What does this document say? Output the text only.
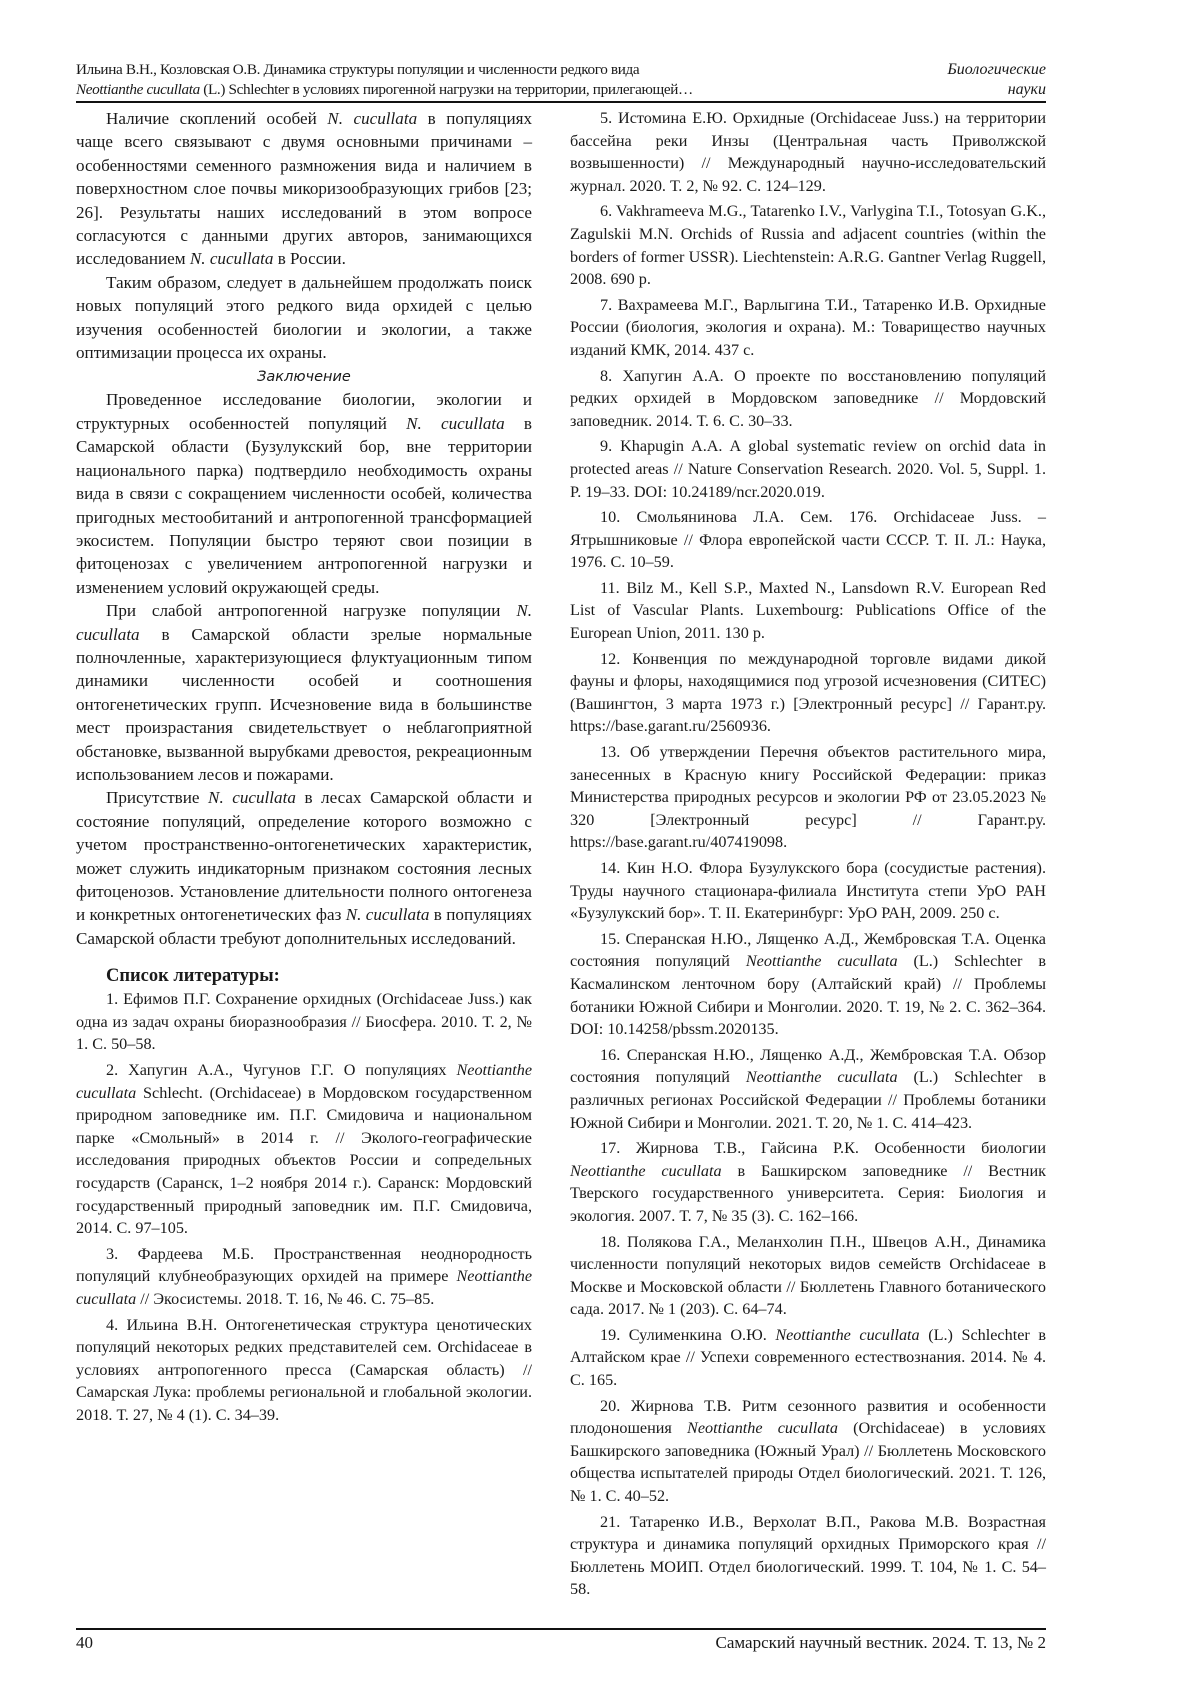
Ильина В.Н., Козловская О.В. Динамика структуры популяции и численности редкого вида
Neottianthe cucullata (L.) Schlechter в условиях пирогенной нагрузки на территории, прилегающей…
Биологические
науки

Наличие скоплений особей N. cucullata в популяциях чаще всего связывают с двумя основными причинами – особенностями семенного размножения вида и наличием в поверхностном слое почвы микоризообразующих грибов [23; 26]. Результаты наших исследований в этом вопросе согласуются с данными других авторов, занимающихся исследованием N. cucullata в России.

Таким образом, следует в дальнейшем продолжать поиск новых популяций этого редкого вида орхидей с целью изучения особенностей биологии и экологии, а также оптимизации процесса их охраны.

Заключение

Проведенное исследование биологии, экологии и структурных особенностей популяций N. cucullata в Самарской области (Бузулукский бор, вне территории национального парка) подтвердило необходимость охраны вида в связи с сокращением численности особей, количества пригодных местообитаний и антропогенной трансформацией экосистем. Популяции быстро теряют свои позиции в фитоценозах с увеличением антропогенной нагрузки и изменением условий окружающей среды.

При слабой антропогенной нагрузке популяции N. cucullata в Самарской области зрелые нормальные полночленные, характеризующиеся флуктуационным типом динамики численности особей и соотношения онтогенетических групп. Исчезновение вида в большинстве мест произрастания свидетельствует о неблагоприятной обстановке, вызванной вырубками древостоя, рекреационным использованием лесов и пожарами.

Присутствие N. cucullata в лесах Самарской области и состояние популяций, определение которого возможно с учетом пространственно-онтогенетических характеристик, может служить индикаторным признаком состояния лесных фитоценозов. Установление длительности полного онтогенеза и конкретных онтогенетических фаз N. cucullata в популяциях Самарской области требуют дополнительных исследований.

Список литературы:

1. Ефимов П.Г. Сохранение орхидных (Orchidaceae Juss.) как одна из задач охраны биоразнообразия // Биосфера. 2010. Т. 2, № 1. С. 50–58.

2. Хапугин А.А., Чугунов Г.Г. О популяциях Neottianthe cucullata Schlecht. (Orchidaceae) в Мордовском государственном природном заповеднике им. П.Г. Смидовича и национальном парке «Смольный» в 2014 г. // Эколого-географические исследования природных объектов России и сопредельных государств (Саранск, 1–2 ноября 2014 г.). Саранск: Мордовский государственный природный заповедник им. П.Г. Смидовича, 2014. С. 97–105.

3. Фардеева М.Б. Пространственная неоднородность популяций клубнеобразующих орхидей на примере Neottianthe cucullata // Экосистемы. 2018. Т. 16, № 46. С. 75–85.

4. Ильина В.Н. Онтогенетическая структура ценотических популяций некоторых редких представителей сем. Orchidaceae в условиях антропогенного пресса (Самарская область) // Самарская Лука: проблемы региональной и глобальной экологии. 2018. Т. 27, № 4 (1). С. 34–39.

5. Истомина Е.Ю. Орхидные (Orchidaceae Juss.) на территории бассейна реки Инзы (Центральная часть Приволжской возвышенности) // Международный научно-исследовательский журнал. 2020. Т. 2, № 92. С. 124–129.

6. Vakhrameeva M.G., Tatarenko I.V., Varlygina T.I., Totosyan G.K., Zagulskii M.N. Orchids of Russia and adjacent countries (within the borders of former USSR). Liechtenstein: A.R.G. Gantner Verlag Ruggell, 2008. 690 p.

7. Вахрамеева М.Г., Варлыгина Т.И., Татаренко И.В. Орхидные России (биология, экология и охрана). М.: Товарищество научных изданий КМК, 2014. 437 с.

8. Хапугин А.А. О проекте по восстановлению популяций редких орхидей в Мордовском заповеднике // Мордовский заповедник. 2014. Т. 6. С. 30–33.

9. Khapugin A.A. A global systematic review on orchid data in protected areas // Nature Conservation Research. 2020. Vol. 5, Suppl. 1. P. 19–33. DOI: 10.24189/ncr.2020.019.

10. Смольянинова Л.А. Сем. 176. Orchidaceae Juss. – Ятрышниковые // Флора европейской части СССР. Т. II. Л.: Наука, 1976. С. 10–59.

11. Bilz M., Kell S.P., Maxted N., Lansdown R.V. European Red List of Vascular Plants. Luxembourg: Publications Office of the European Union, 2011. 130 p.

12. Конвенция по международной торговле видами дикой фауны и флоры, находящимися под угрозой исчезновения (СИТЕС) (Вашингтон, 3 марта 1973 г.) [Электронный ресурс] // Гарант.ру. https://base.garant.ru/2560936.

13. Об утверждении Перечня объектов растительного мира, занесенных в Красную книгу Российской Федерации: приказ Министерства природных ресурсов и экологии РФ от 23.05.2023 № 320 [Электронный ресурс] // Гарант.ру. https://base.garant.ru/407419098.

14. Кин Н.О. Флора Бузулукского бора (сосудистые растения). Труды научного стационара-филиала Института степи УрО РАН «Бузулукский бор». Т. II. Екатеринбург: УрО РАН, 2009. 250 с.

15. Сперанская Н.Ю., Лященко А.Д., Жембровская Т.А. Оценка состояния популяций Neottianthe cucullata (L.) Schlechter в Касмалинском ленточном бору (Алтайский край) // Проблемы ботаники Южной Сибири и Монголии. 2020. Т. 19, № 2. С. 362–364. DOI: 10.14258/pbssm.2020135.

16. Сперанская Н.Ю., Лященко А.Д., Жембровская Т.А. Обзор состояния популяций Neottianthe cucullata (L.) Schlechter в различных регионах Российской Федерации // Проблемы ботаники Южной Сибири и Монголии. 2021. Т. 20, № 1. С. 414–423.

17. Жирнова Т.В., Гайсина Р.К. Особенности биологии Neottianthe cucullata в Башкирском заповеднике // Вестник Тверского государственного университета. Серия: Биология и экология. 2007. Т. 7, № 35 (3). С. 162–166.

18. Полякова Г.А., Меланхолин П.Н., Швецов А.Н., Динамика численности популяций некоторых видов семейств Orchidaceae в Москве и Московской области // Бюллетень Главного ботанического сада. 2017. № 1 (203). С. 64–74.

19. Сулименкина О.Ю. Neottianthe cucullata (L.) Schlechter в Алтайском крае // Успехи современного естествознания. 2014. № 4. С. 165.

20. Жирнова Т.В. Ритм сезонного развития и особенности плодоношения Neottianthe cucullata (Orchidaceae) в условиях Башкирского заповедника (Южный Урал) // Бюллетень Московского общества испытателей природы Отдел биологический. 2021. Т. 126, № 1. С. 40–52.

21. Татаренко И.В., Верхолат В.П., Ракова М.В. Возрастная структура и динамика популяций орхидных Приморского края // Бюллетень МОИП. Отдел биологический. 1999. Т. 104, № 1. С. 54–58.

40	Самарский научный вестник. 2024. Т. 13, № 2
